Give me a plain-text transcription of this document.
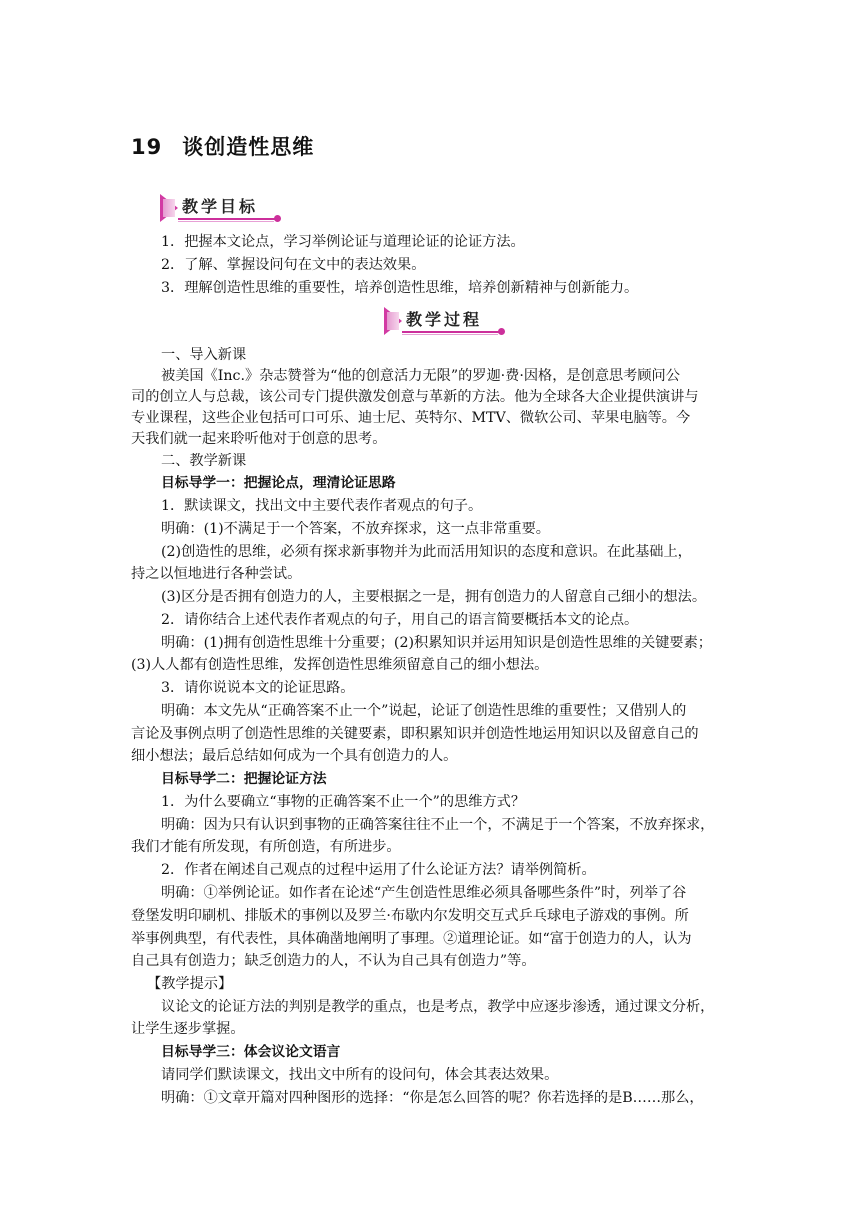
19 谈创造性思维
教学目标
1．把握本文论点，学习举例论证与道理论证的论证方法。
2．了解、掌握设问句在文中的表达效果。
3．理解创造性思维的重要性，培养创造性思维，培养创新精神与创新能力。
教学过程
一、导入新课
被美国《Inc.》杂志赞誉为“他的创意活力无限”的罗迦·费·因格，是创意思考顾问公
司的创立人与总裁，该公司专门提供激发创意与革新的方法。他为全球各大企业提供演讲与
专业课程，这些企业包括可口可乐、迪士尼、英特尔、MTV、微软公司、苹果电脑等。今
天我们就一起来聆听他对于创意的思考。
二、教学新课
目标导学一：把握论点，理清论证思路
1．默读课文，找出文中主要代表作者观点的句子。
明确：(1)不满足于一个答案，不放弃探求，这一点非常重要。
(2)创造性的思维，必须有探求新事物并为此而活用知识的态度和意识。在此基础上，
持之以恒地进行各种尝试。
(3)区分是否拥有创造力的人，主要根据之一是，拥有创造力的人留意自己细小的想法。
2．请你结合上述代表作者观点的句子，用自己的语言简要概括本文的论点。
明确：(1)拥有创造性思维十分重要；(2)积累知识并运用知识是创造性思维的关键要素；
(3)人人都有创造性思维，发挥创造性思维须留意自己的细小想法。
3．请你说说本文的论证思路。
明确：本文先从“正确答案不止一个”说起，论证了创造性思维的重要性；又借别人的
言论及事例点明了创造性思维的关键要素，即积累知识并创造性地运用知识以及留意自己的
细小想法；最后总结如何成为一个具有创造力的人。
目标导学二：把握论证方法
1．为什么要确立“事物的正确答案不止一个”的思维方式？
明确：因为只有认识到事物的正确答案往往不止一个，不满足于一个答案，不放弃探求，
我们才能有所发现，有所创造，有所进步。
2．作者在阐述自己观点的过程中运用了什么论证方法？请举例简析。
明确：①举例论证。如作者在论述“产生创造性思维必须具备哪些条件”时，列举了谷
登堡发明印刷机、排版术的事例以及罗兰·布歇内尔发明交互式乒乓球电子游戏的事例。所
举事例典型，有代表性，具体确凿地阐明了事理。②道理论证。如“富于创造力的人，认为
自己具有创造力；缺乏创造力的人，不认为自己具有创造力”等。
【教学提示】
议论文的论证方法的判别是教学的重点，也是考点，教学中应逐步渗透，通过课文分析，
让学生逐步掌握。
目标导学三：体会议论文语言
请同学们默读课文，找出文中所有的设问句，体会其表达效果。
明确：①文章开篇对四种图形的选择：“你是怎么回答的呢？你若选择的是B……那么，
